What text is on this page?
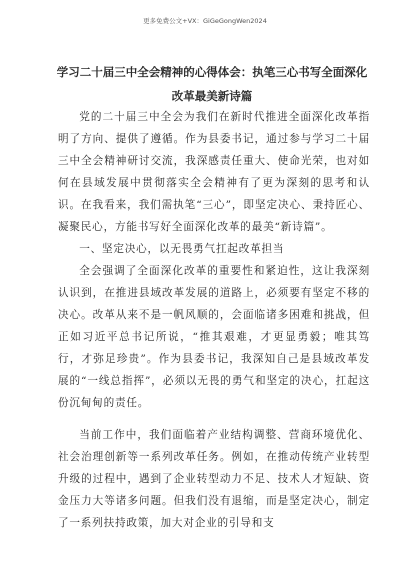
更多免费公文+VX：GiGeGongWen2024
学习二十届三中全会精神的心得体会：执笔三心书写全面深化改革最美新诗篇

党的二十届三中全会为我们在新时代推进全面深化改革指明了方向、提供了遵循。作为县委书记，通过参与学习二十届三中全会精神研讨交流，我深感责任重大、使命光荣，也对如何在县域发展中贯彻落实全会精神有了更为深刻的思考和认识。在我看来，我们需执笔“三心”，即坚定决心、秉持匠心、凝聚民心，方能书写好全面深化改革的最美“新诗篇”。

一、坚定决心，以无畏勇气扛起改革担当

全会强调了全面深化改革的重要性和紧迫性，这让我深刻认识到，在推进县域改革发展的道路上，必须要有坚定不移的决心。改革从来不是一帆风顺的，会面临诸多困难和挑战，但正如习近平总书记所说，“推其艰难，才更显勇毅；唯其笃行，才弥足珍贵”。作为县委书记，我深知自己是县域改革发展的“一线总指挥”，必须以无畏的勇气和坚定的决心，扛起这份沉甸甸的责任。

当前工作中，我们面临着产业结构调整、营商环境优化、社会治理创新等一系列改革任务。例如，在推动传统产业转型升级的过程中，遇到了企业转型动力不足、技术人才短缺、资金压力大等诸多问题。但我们没有退缩，而是坚定决心，制定了一系列扶持政策，加大对企业的引导和支
